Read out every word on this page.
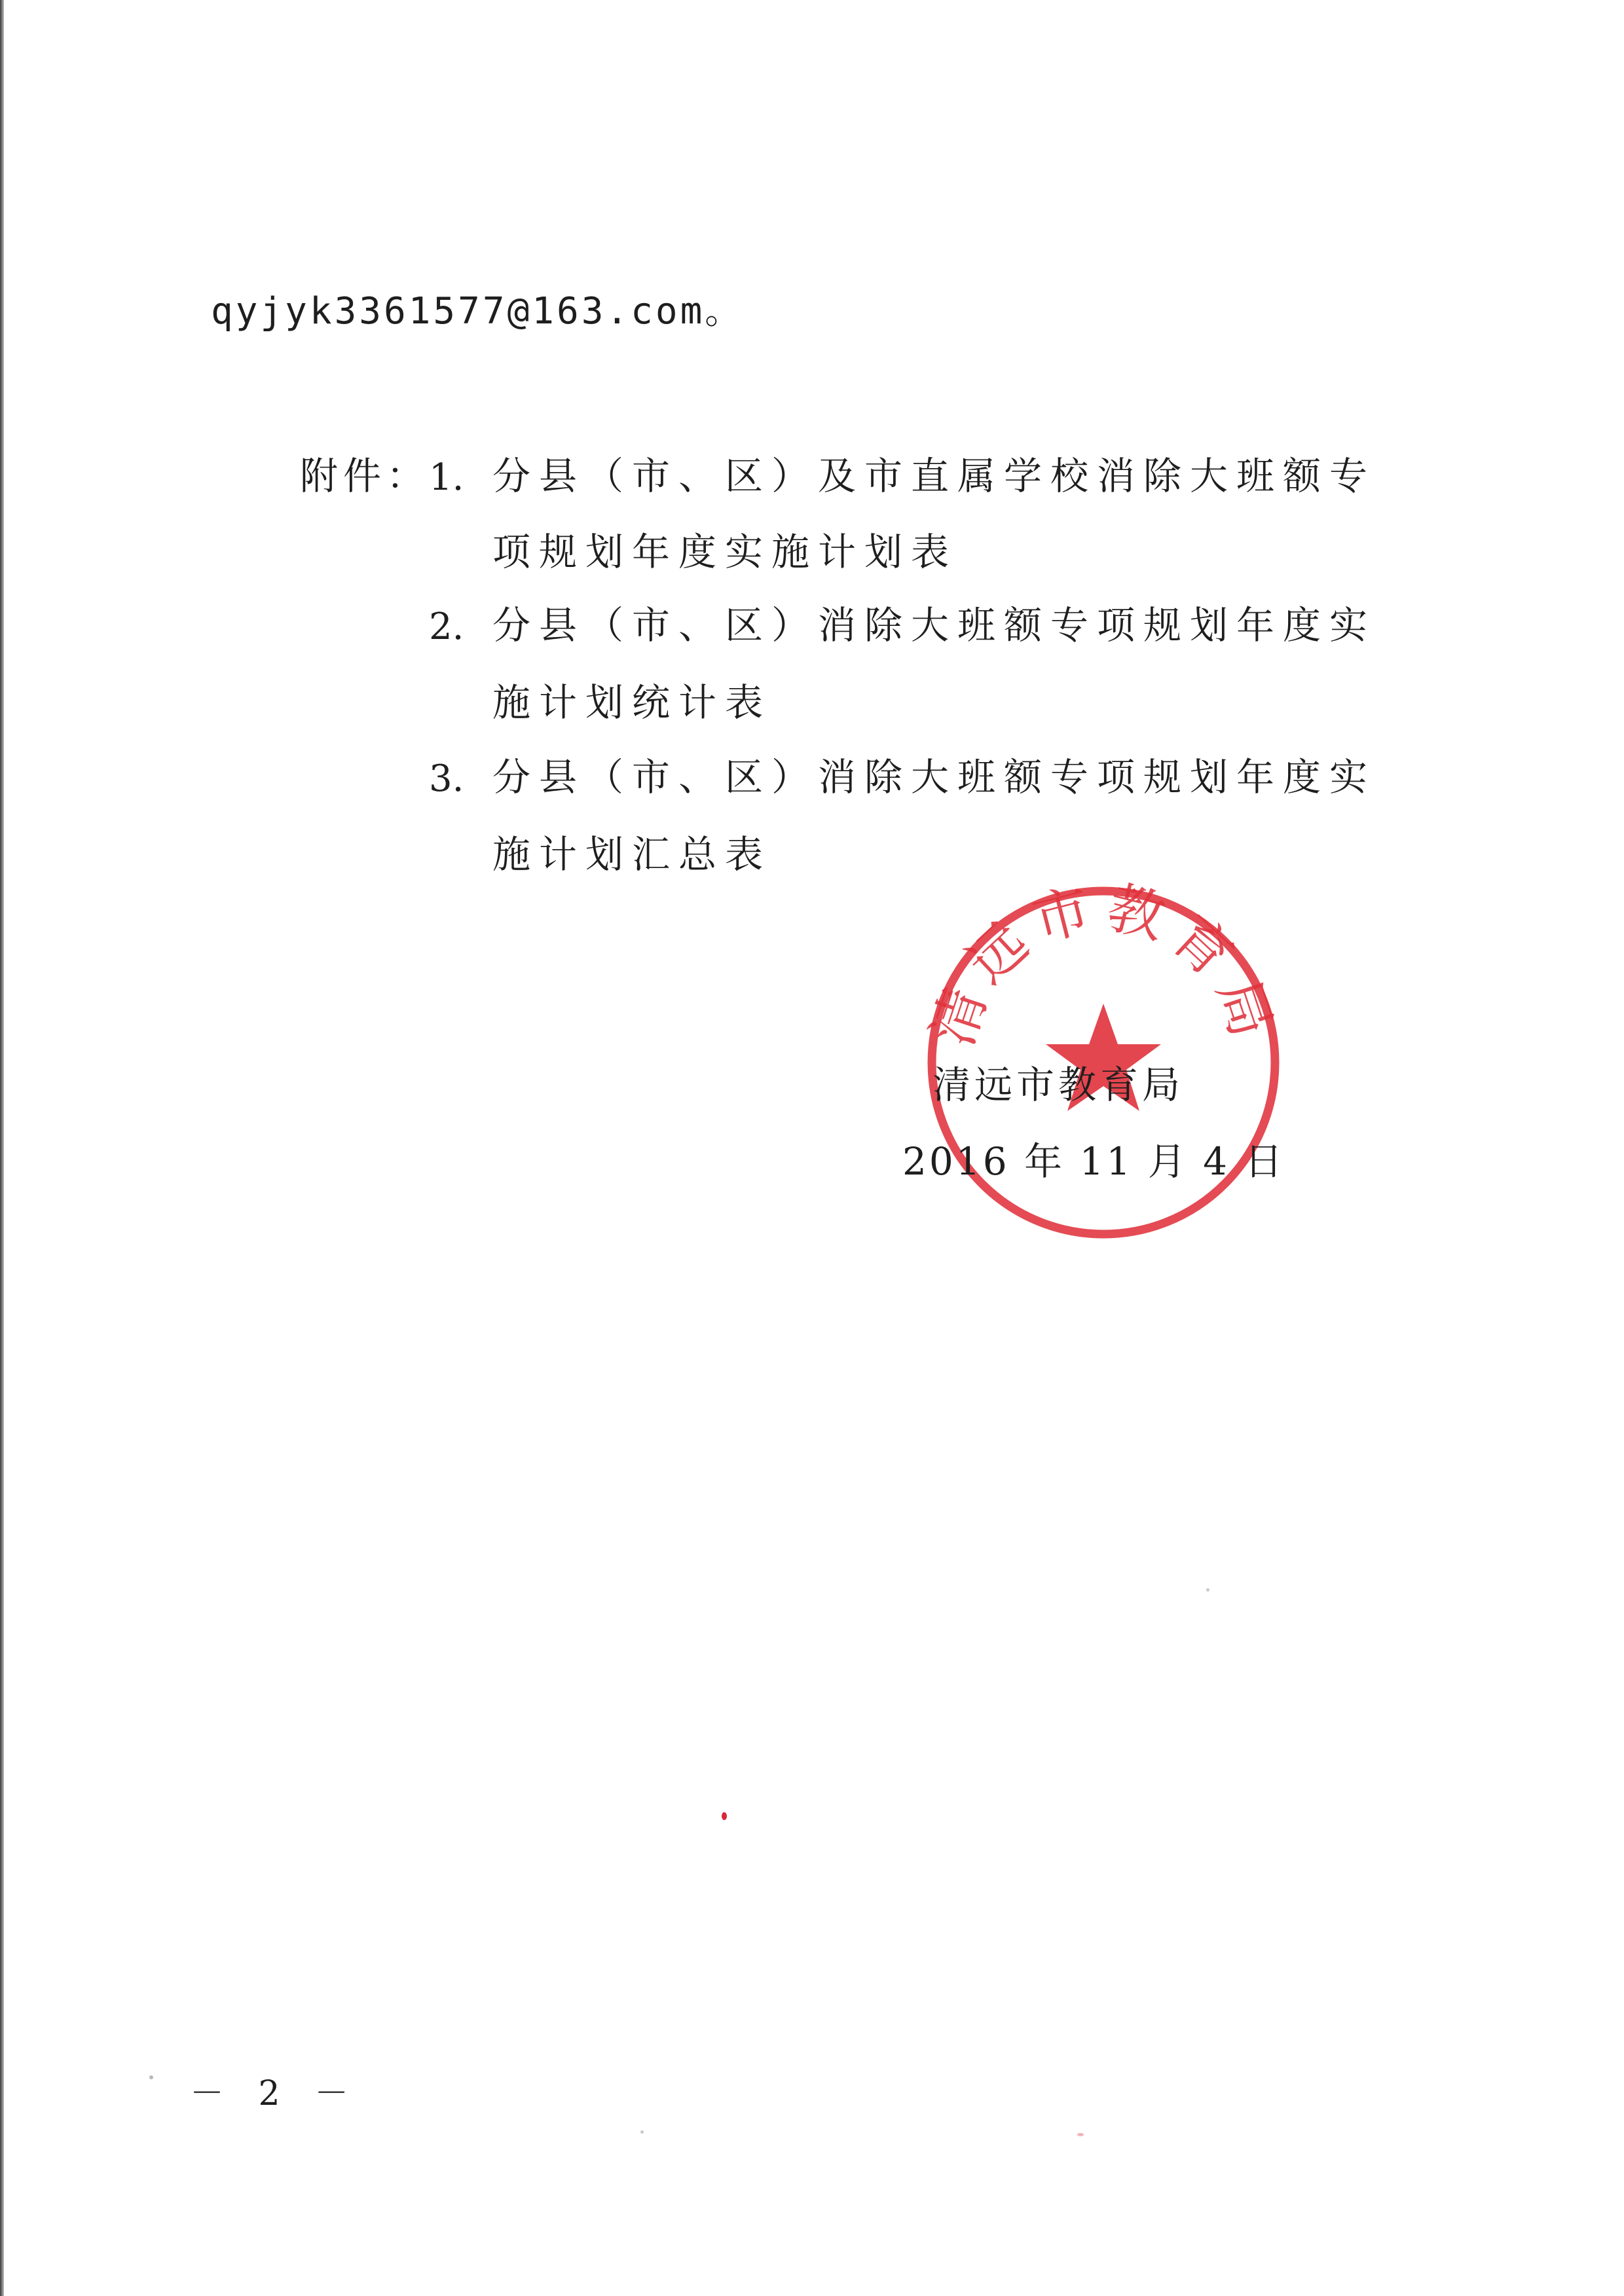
qyjyk3361577@163.com。
附件：
1. 分县（市、区）及市直属学校消除大班额专
项规划年度实施计划表
2. 分县（市、区）消除大班额专项规划年度实
施计划统计表
3. 分县（市、区）消除大班额专项规划年度实
施计划汇总表
清远市教育局
清远市教育局
2016 年 11 月 4 日
－ 2 －
